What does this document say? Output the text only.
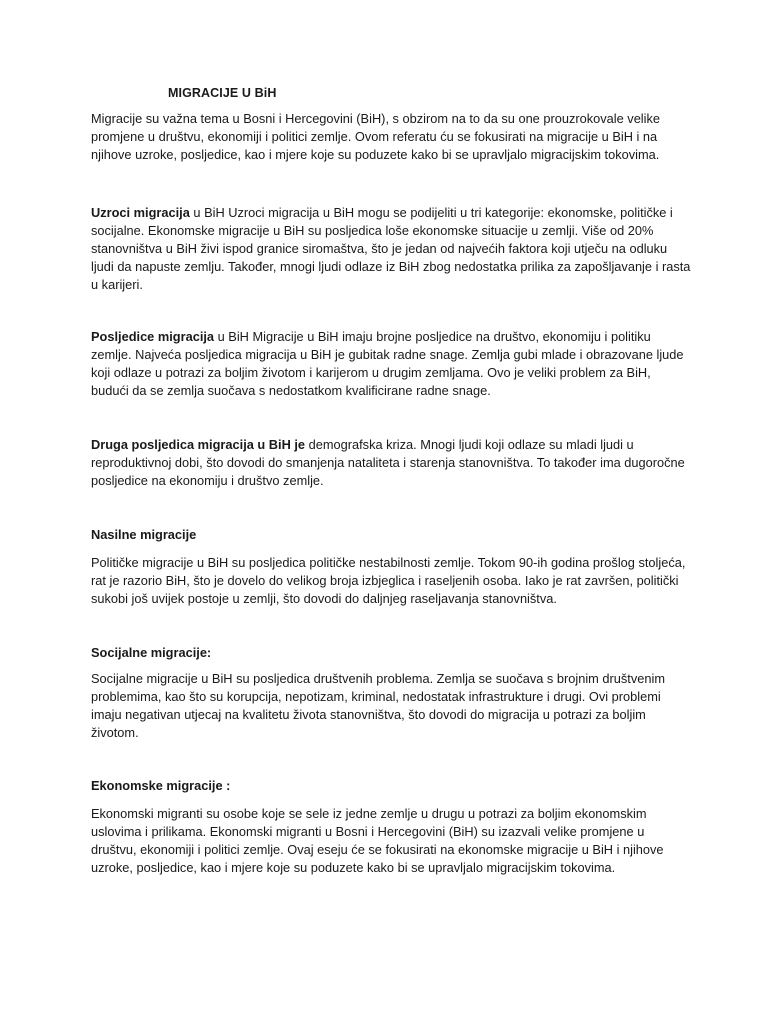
MIGRACIJE U BiH
Migracije su važna tema u Bosni i Hercegovini (BiH), s obzirom na to da su one prouzrokovale velike promjene u društvu, ekonomiji i politici zemlje. Ovom referatu ću se fokusirati na migracije u BiH i na njihove uzroke, posljedice, kao i mjere koje su poduzete kako bi se upravljalo migracijskim tokovima.
Uzroci migracija u BiH Uzroci migracija u BiH mogu se podijeliti u tri kategorije: ekonomske, političke i socijalne. Ekonomske migracije u BiH su posljedica loše ekonomske situacije u zemlji. Više od 20% stanovništva u BiH živi ispod granice siromaštva, što je jedan od najvećih faktora koji utječu na odluku ljudi da napuste zemlju. Također, mnogi ljudi odlaze iz BiH zbog nedostatka prilika za zapošljavanje i rasta u karijeri.
Posljedice migracija u BiH Migracije u BiH imaju brojne posljedice na društvo, ekonomiju i politiku zemlje. Najveća posljedica migracija u BiH je gubitak radne snage. Zemlja gubi mlade i obrazovane ljude koji odlaze u potrazi za boljim životom i karijerom u drugim zemljama. Ovo je veliki problem za BiH, budući da se zemlja suočava s nedostatkom kvalificirane radne snage.
Druga posljedica migracija u BiH je demografska kriza. Mnogi ljudi koji odlaze su mladi ljudi u reproduktivnoj dobi, što dovodi do smanjenja nataliteta i starenja stanovništva. To također ima dugoročne posljedice na ekonomiju i društvo zemlje.
Nasilne migracije
Političke migracije u BiH su posljedica političke nestabilnosti zemlje. Tokom 90-ih godina prošlog stoljeća, rat je razorio BiH, što je dovelo do velikog broja izbjeglica i raseljenih osoba. Iako je rat završen, politički sukobi još uvijek postoje u zemlji, što dovodi do daljnjeg raseljavanja stanovništva.
Socijalne migracije:
Socijalne migracije u BiH su posljedica društvenih problema. Zemlja se suočava s brojnim društvenim problemima, kao što su korupcija, nepotizam, kriminal, nedostatak infrastrukture i drugi. Ovi problemi imaju negativan utjecaj na kvalitetu života stanovništva, što dovodi do migracija u potrazi za boljim životom.
Ekonomske migracije :
Ekonomski migranti su osobe koje se sele iz jedne zemlje u drugu u potrazi za boljim ekonomskim uslovima i prilikama. Ekonomski migranti u Bosni i Hercegovini (BiH) su izazvali velike promjene u društvu, ekonomiji i politici zemlje. Ovaj eseju će se fokusirati na ekonomske migracije u BiH i njihove uzroke, posljedice, kao i mjere koje su poduzete kako bi se upravljalo migracijskim tokovima.
